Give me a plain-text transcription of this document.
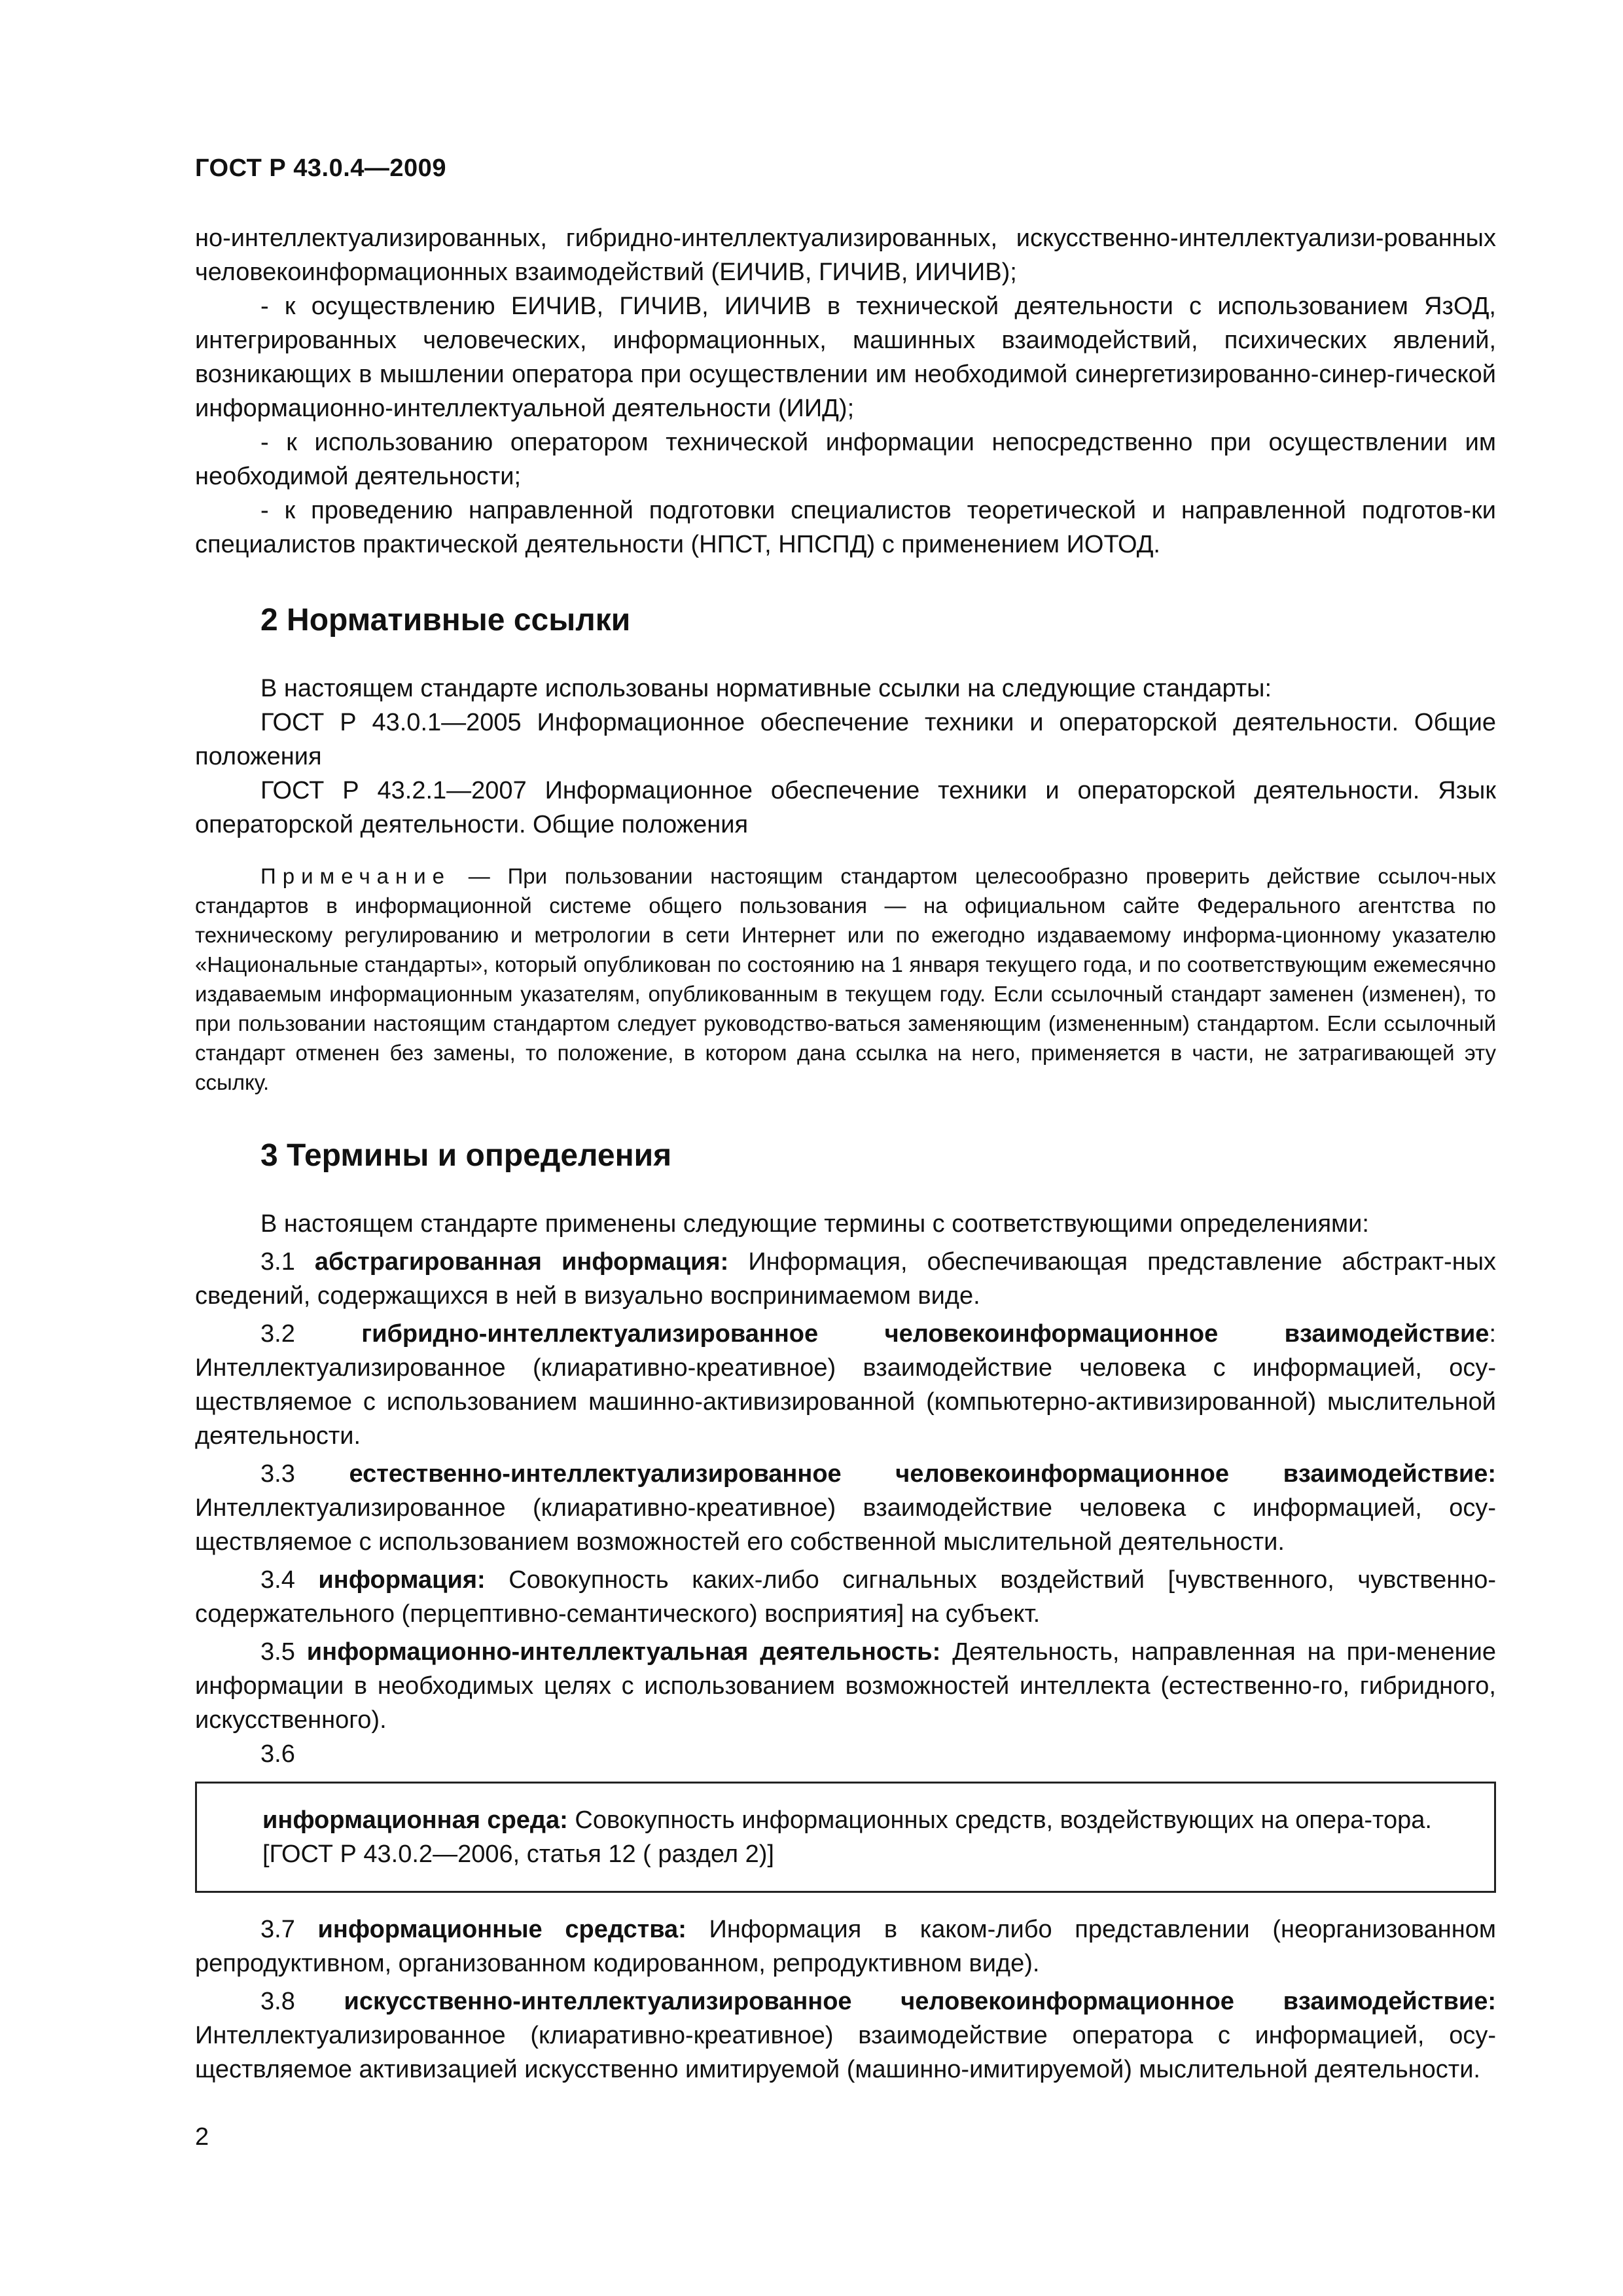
ГОСТ Р 43.0.4—2009

но-интеллектуализированных, гибридно-интеллектуализированных, искусственно-интеллектуализи-рованных человекоинформационных взаимодействий (ЕИЧИВ, ГИЧИВ, ИИЧИВ);

- к осуществлению ЕИЧИВ, ГИЧИВ, ИИЧИВ в технической деятельности с использованием ЯзОД, интегрированных человеческих, информационных, машинных взаимодействий, психических явлений, возникающих в мышлении оператора при осуществлении им необходимой синергетизированно-синер-гической информационно-интеллектуальной деятельности (ИИД);

- к использованию оператором технической информации непосредственно при осуществлении им необходимой деятельности;

- к проведению направленной подготовки специалистов теоретической и направленной подготов-ки специалистов практической деятельности (НПСТ, НПСПД) с применением ИОТОД.

2 Нормативные ссылки

В настоящем стандарте использованы нормативные ссылки на следующие стандарты:

ГОСТ Р 43.0.1—2005 Информационное обеспечение техники и операторской деятельности. Общие положения

ГОСТ Р 43.2.1—2007 Информационное обеспечение техники и операторской деятельности. Язык операторской деятельности. Общие положения

Примечание — При пользовании настоящим стандартом целесообразно проверить действие ссылоч-ных стандартов в информационной системе общего пользования — на официальном сайте Федерального агентства по техническому регулированию и метрологии в сети Интернет или по ежегодно издаваемому информа-ционному указателю «Национальные стандарты», который опубликован по состоянию на 1 января текущего года, и по соответствующим ежемесячно издаваемым информационным указателям, опубликованным в текущем году. Если ссылочный стандарт заменен (изменен), то при пользовании настоящим стандартом следует руководство-ваться заменяющим (измененным) стандартом. Если ссылочный стандарт отменен без замены, то положение, в котором дана ссылка на него, применяется в части, не затрагивающей эту ссылку.
3 Термины и определения

В настоящем стандарте применены следующие термины с соответствующими определениями:

3.1 абстрагированная информация: Информация, обеспечивающая представление абстракт-ных сведений, содержащихся в ней в визуально воспринимаемом виде.

3.2	гибридно-интеллектуализированное человекоинформационное взаимодействие: Интеллектуализированное (клиаративно-креативное) взаимодействие человека с информацией, осу-ществляемое с использованием машинно-активизированной (компьютерно-активизированной) мыслительной деятельности.

3.3 естественно-интеллектуализированное человекоинформационное взаимодействие: Интеллектуализированное (клиаративно-креативное) взаимодействие человека с информацией, осу-ществляемое с использованием возможностей его собственной мыслительной деятельности.

3.4 информация: Совокупность каких-либо сигнальных воздействий [чувственного, чувственно-содержательного (перцептивно-семантического) восприятия] на субъект.

3.5 информационно-интеллектуальная деятельность: Деятельность, направленная на при-менение информации в необходимых целях с использованием возможностей интеллекта (естественно-го, гибридного, искусственного).

3.6

информационная среда: Совокупность информационных средств, воздействующих на опера-тора.

[ГОСТ Р 43.0.2—2006, статья 12 ( раздел 2)]

3.7 информационные средства: Информация в каком-либо представлении (неорганизованном репродуктивном, организованном кодированном, репродуктивном виде).

3.8 искусственно-интеллектуализированное человекоинформационное взаимодействие: Интеллектуализированное (клиаративно-креативное) взаимодействие оператора с информацией, осу-ществляемое активизацией искусственно имитируемой (машинно-имитируемой) мыслительной деятельности.

2
